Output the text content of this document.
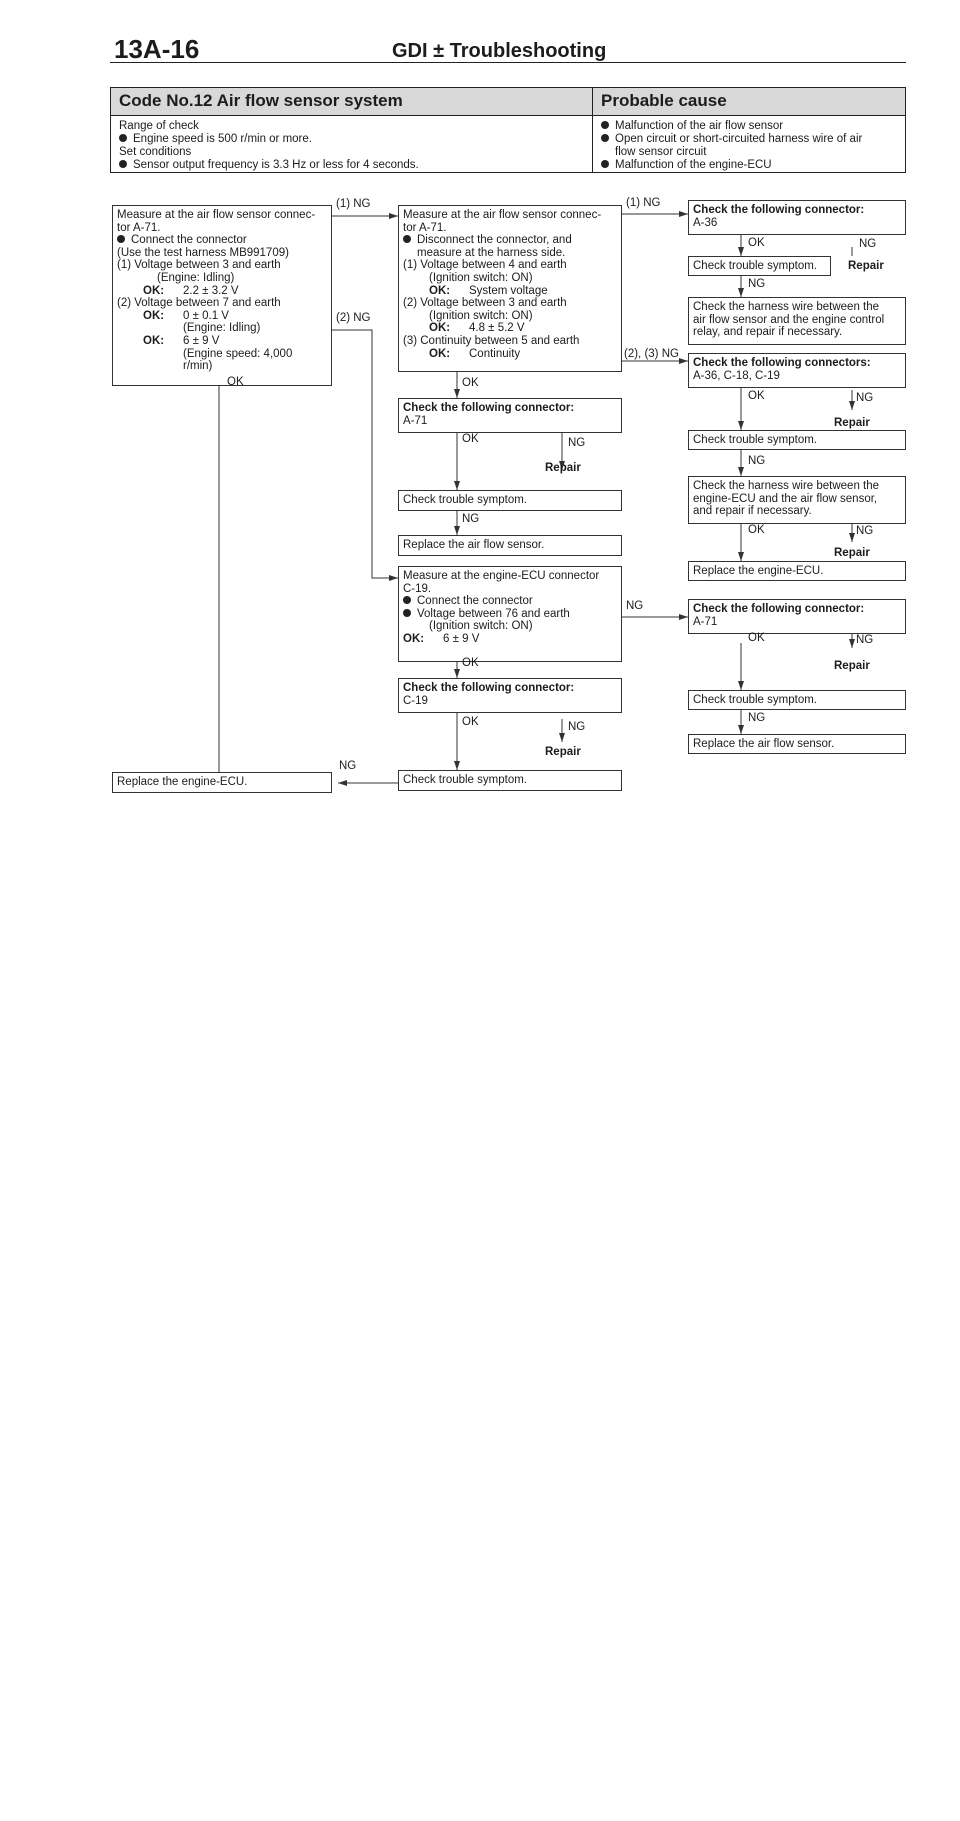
13A-16	GDI ± Troubleshooting
Code No.12 Air flow sensor system	Probable cause
Range of check
Engine speed is 500 r/min or more.
Set conditions
Sensor output frequency is 3.3 Hz or less for 4 seconds.
Malfunction of the air flow sensor
Open circuit or short-circuited harness wire of air
flow sensor circuit
Malfunction of the engine-ECU
Measure at the air flow sensor connec-
tor A-71.
Connect the connector
(Use the test harness MB991709)
(1) Voltage between 3 and earth
(Engine: Idling)
OK: 2.2 ± 3.2 V
(2) Voltage between 7 and earth
OK: 0 ± 0.1 V
(Engine: Idling)
OK: 6 ± 9 V
(Engine speed: 4,000
r/min)
Measure at the air flow sensor connec-
tor A-71.
Disconnect the connector, and
measure at the harness side.
(1) Voltage between 4 and earth
(Ignition switch: ON)
OK: System voltage
(2) Voltage between 3 and earth
(Ignition switch: ON)
OK: 4.8 ± 5.2 V
(3) Continuity between 5 and earth
OK: Continuity
Check the following connector:
A-71
Check trouble symptom.
Replace the air flow sensor.
Measure at the engine-ECU connector
C-19.
Connect the connector
Voltage between 76 and earth
(Ignition switch: ON)
OK: 6 ± 9 V
Check the following connector:
C-19
Check trouble symptom.
Replace the engine-ECU.
Check the following connector:
A-36
Check trouble symptom.
Check the harness wire between the
air flow sensor and the engine control
relay, and repair if necessary.
Check the following connectors:
A-36, C-18, C-19
Check trouble symptom.
Check the harness wire between the
engine-ECU and the air flow sensor,
and repair if necessary.
Replace the engine-ECU.
Check the following connector:
A-71
Check trouble symptom.
Replace the air flow sensor.
(1) NG
(2) NG
OK
(1) NG
(2), (3) NG
OK
OK	NG
Repair
NG
OK
OK	NG
Repair
NG
NG
OK	NG
Repair
NG
OK	NG
Repair
NG
OK	NG
Repair
OK	NG
Repair
NG
